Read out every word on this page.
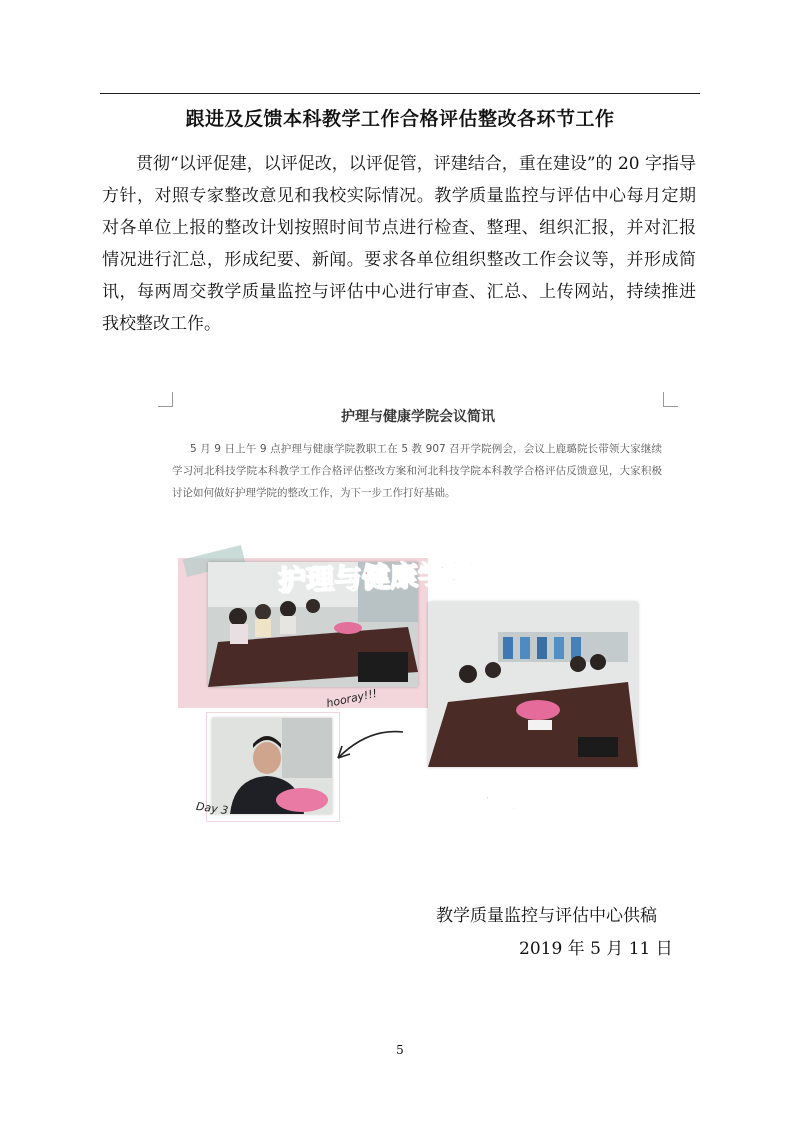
跟进及反馈本科教学工作合格评估整改各环节工作
贯彻“以评促建，以评促改，以评促管，评建结合，重在建设”的 20 字指导方针，对照专家整改意见和我校实际情况。教学质量监控与评估中心每月定期对各单位上报的整改计划按照时间节点进行检查、整理、组织汇报，并对汇报情况进行汇总，形成纪要、新闻。要求各单位组织整改工作会议等，并形成简讯，每两周交教学质量监控与评估中心进行审查、汇总、上传网站，持续推进我校整改工作。
护理与健康学院会议简讯
5 月 9 日上午 9 点护理与健康学院教职工在 5 教 907 召开学院例会，会议上鹿璐院长带领大家继续学习河北科技学院本科教学工作合格评估整改方案和河北科技学院本科教学合格评估反馈意见，大家积极讨论如何做好护理学院的整改工作，为下一步工作打好基础。
护理与健康学院
学院例会
hooray!!!
Day 3
教学质量监控与评估中心供稿
2019 年 5 月 11 日
5
